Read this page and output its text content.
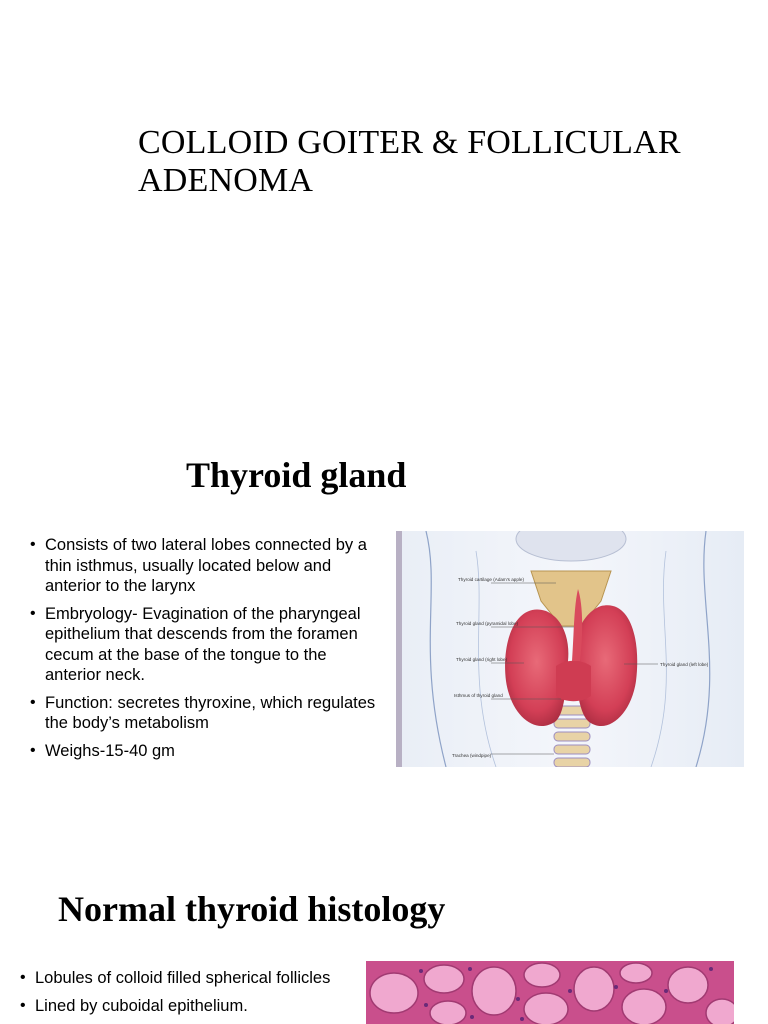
COLLOID GOITER & FOLLICULAR
ADENOMA
Thyroid gland
• Consists of two lateral lobes connected by a thin isthmus, usually located below and anterior to the larynx
• Embryology- Evagination of the pharyngeal epithelium that descends from the foramen cecum at the base of the tongue to the anterior neck.
• Function: secretes thyroxine, which regulates the body’s metabolism
• Weighs-15-40 gm
Thyroid cartilage (Adam's apple)
Thyroid gland (pyramidal lobe)
Thyroid gland (right lobe)
Thyroid gland (left lobe)
Isthmus of thyroid gland
Trachea (windpipe)
Normal thyroid histology
• Lobules of colloid filled spherical follicles
• Lined by cuboidal epithelium.
